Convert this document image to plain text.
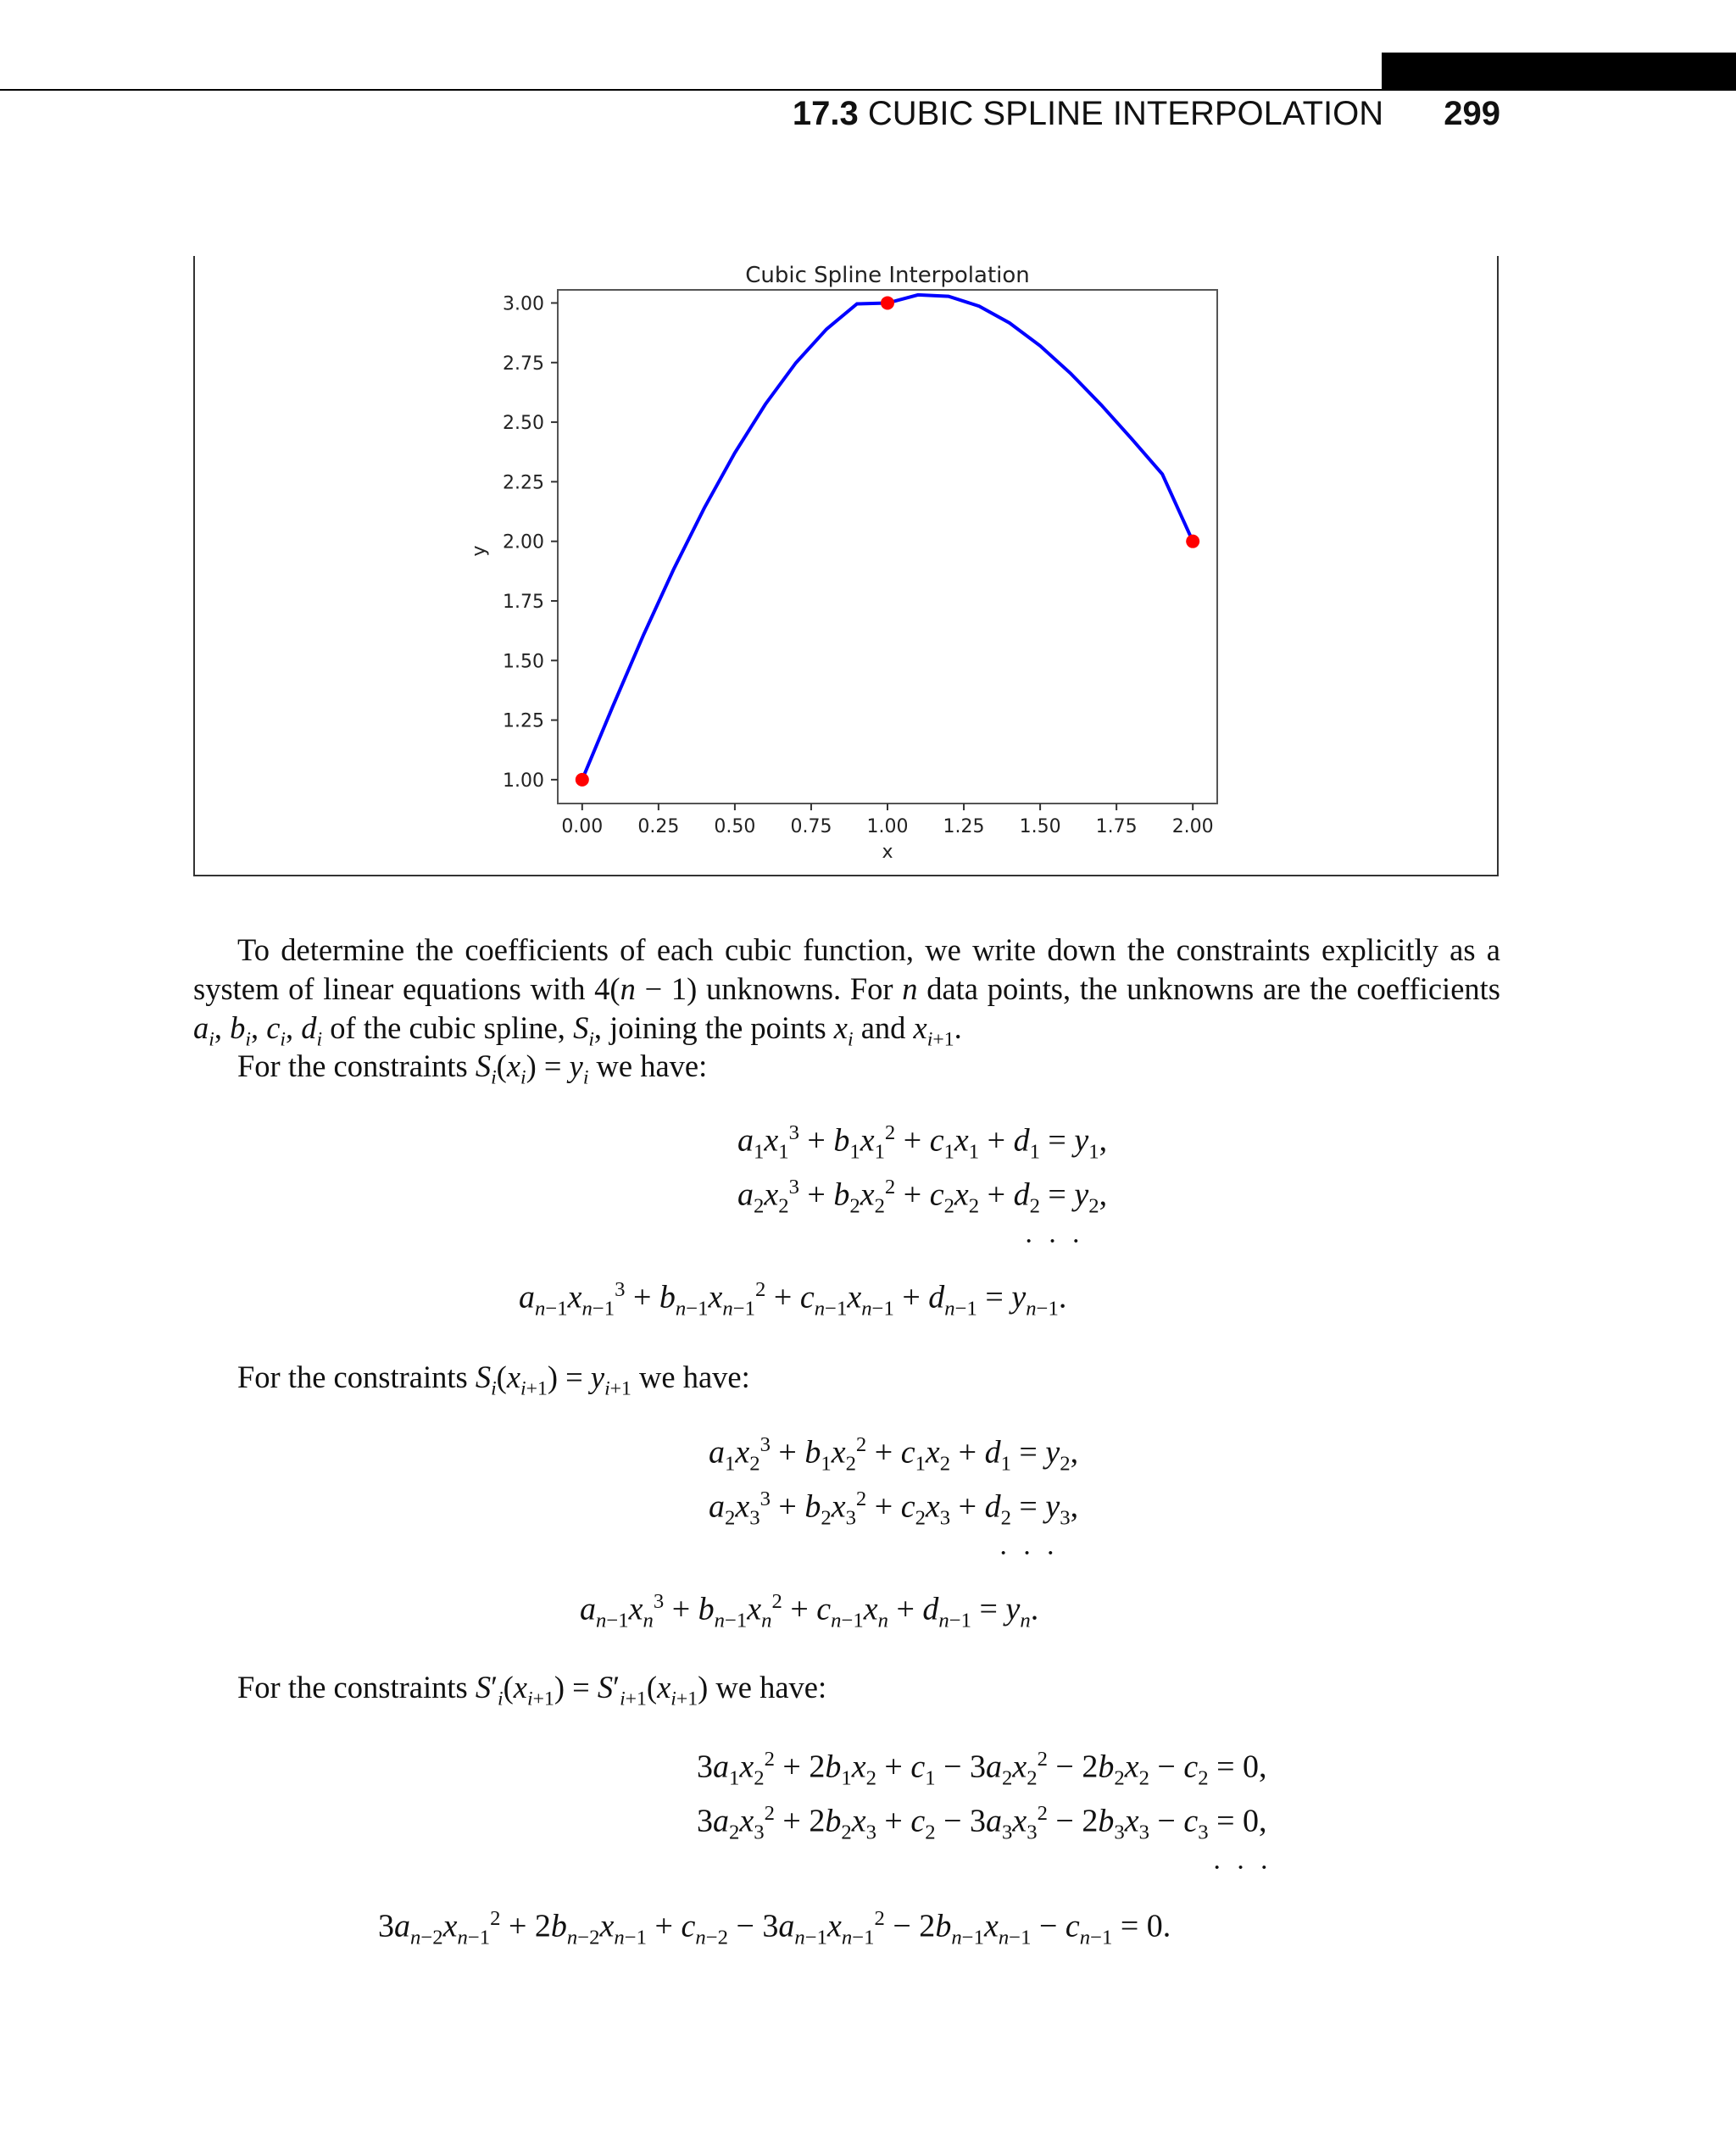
17.3 CUBIC SPLINE INTERPOLATION 299
Cubic Spline Interpolation
x
y
0.00 0.25 0.50 0.75 1.00 1.25 1.50 1.75 2.00
1.00
1.25
1.50
1.75
2.00
2.25
2.50
2.75
3.00

To determine the coefficients of each cubic function, we write down the constraints explicitly as a system of linear equations with 4(n − 1) unknowns. For n data points, the unknowns are the coefficients $a_i$, $b_i$, $c_i$, $d_i$ of the cubic spline, $S_i$, joining the points $x_i$ and $x_{i+1}$.

For the constraints $S_i(x_i) = y_i$ we have:
$a_1x_1^3 + b_1x_1^2 + c_1x_1 + d_1 = y_1$,
$a_2x_2^3 + b_2x_2^2 + c_2x_2 + d_2 = y_2$,
· · ·
$a_{n-1}x_{n-1}^3 + b_{n-1}x_{n-1}^2 + c_{n-1}x_{n-1} + d_{n-1} = y_{n-1}$.
For the constraints $S_i(x_{i+1}) = y_{i+1}$ we have:
$a_1x_2^3 + b_1x_2^2 + c_1x_2 + d_1 = y_2$,
$a_2x_3^3 + b_2x_3^2 + c_2x_3 + d_2 = y_3$,
· · ·
$a_{n-1}x_n^3 + b_{n-1}x_n^2 + c_{n-1}x_n + d_{n-1} = y_n$.
For the constraints $S'_i(x_{i+1}) = S'_{i+1}(x_{i+1})$ we have:
$3a_1x_2^2 + 2b_1x_2 + c_1 - 3a_2x_2^2 - 2b_2x_2 - c_2 = 0$,
$3a_2x_3^2 + 2b_2x_3 + c_2 - 3a_3x_3^2 - 2b_3x_3 - c_3 = 0$,
· · ·
$3a_{n-2}x_{n-1}^2 + 2b_{n-2}x_{n-1} + c_{n-2} - 3a_{n-1}x_{n-1}^2 - 2b_{n-1}x_{n-1} - c_{n-1} = 0$.
